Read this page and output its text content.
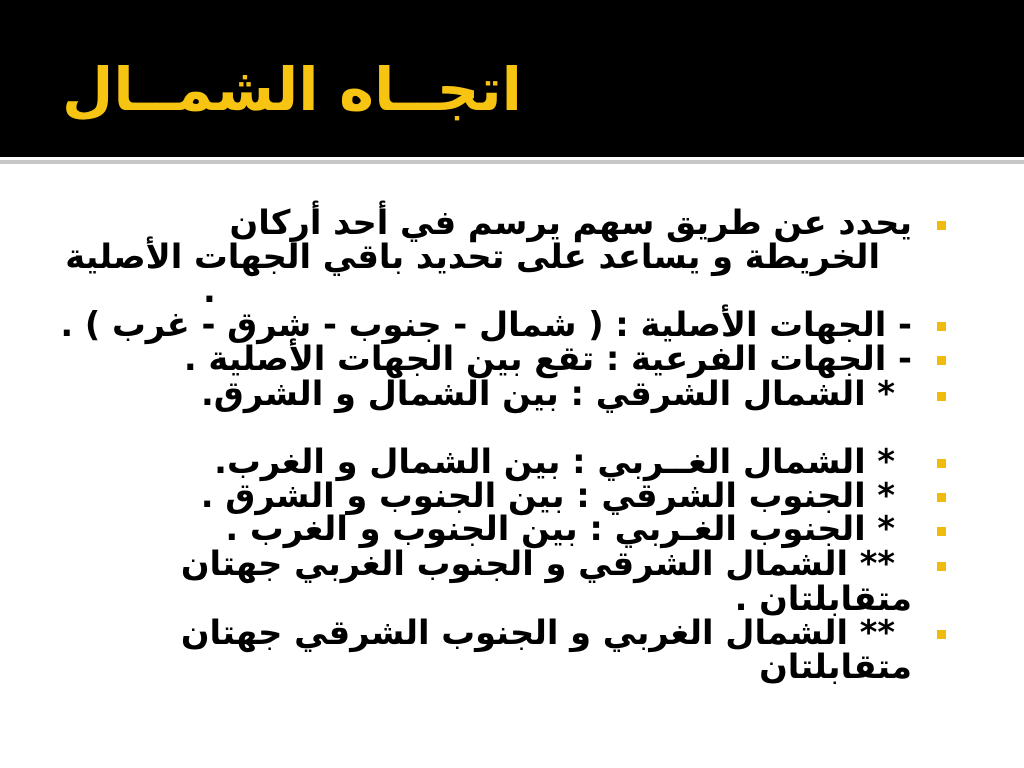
اتجــاه الشمــال
يحدد عن طريق سهم يرسم في أحد أركان
الخريطة و يساعد على تحديد باقي الجهات الأصلية
.
- الجهات الأصلية : ( شمال - جنوب - شرق - غرب ) .
- الجهات الفرعية : تقع بين الجهات الأصلية .
* الشمال الشرقي : بين الشمال و الشرق.
* الشمال الغــربي : بين الشمال و الغرب.
* الجنوب الشرقي : بين الجنوب و الشرق .
* الجنوب الغـربي : بين الجنوب و الغرب .
** الشمال الشرقي و الجنوب الغربي جهتان
متقابلتان .
** الشمال الغربي و الجنوب الشرقي جهتان
متقابلتان
